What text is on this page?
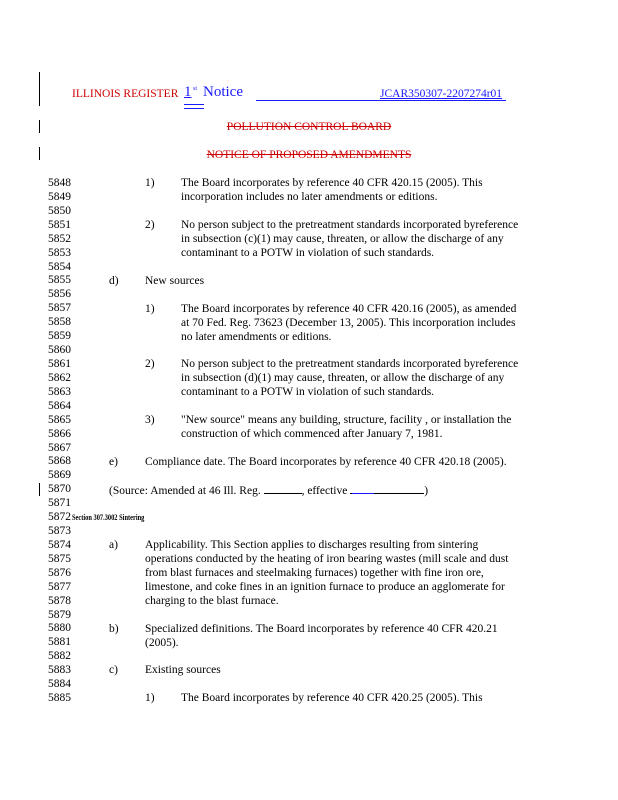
ILLINOIS REGISTER 1 st Notice	JCAR350307-2207274r01
POLLUTION CONTROL BOARD
NOTICE OF PROPOSED AMENDMENTS
5848
5849
5850
5851
5852
5853
5854
5855
5856
5857
5858
5859
5860
5861
5862
5863
5864
5865
5866
5867
5868
5869
5870
5871
5872
5873
5874
5875
5876
5877
5878
5879
5880
5881
5882
5883
5884
5885
1) The Board incorporates by reference 40 CFR 420.15 (2005). This
incorporation includes no later amendments or editions.
2) No person subject to the pretreatment standards incorporated byreference
in subsection (c)(1) may cause, threaten, or allow the discharge of any
contaminant to a POTW in violation of such standards.
d) New sources
1) The Board incorporates by reference 40 CFR 420.16 (2005), as amended
at 70 Fed. Reg. 73623 (December 13, 2005). This incorporation includes
no later amendments or editions.
2) No person subject to the pretreatment standards incorporated byreference
in subsection (d)(1) may cause, threaten, or allow the discharge of any
contaminant to a POTW in violation of such standards.
3) "New source" means any building, structure, facility , or installation the
construction of which commenced after January 7, 1981.
e) Compliance date. The Board incorporates by reference 40 CFR 420.18 (2005).
(Source: Amended at 46 Ill. Reg.	, effective	)
Section 307.3002 Sintering
a) Applicability. This Section applies to discharges resulting from sintering
operations conducted by the heating of iron bearing wastes (mill scale and dust
from blast furnaces and steelmaking furnaces) together with fine iron ore,
limestone, and coke fines in an ignition furnace to produce an agglomerate for
charging to the blast furnace.
b) Specialized definitions. The Board incorporates by reference 40 CFR 420.21
(2005).
c) Existing sources
1) The Board incorporates by reference 40 CFR 420.25 (2005). This
